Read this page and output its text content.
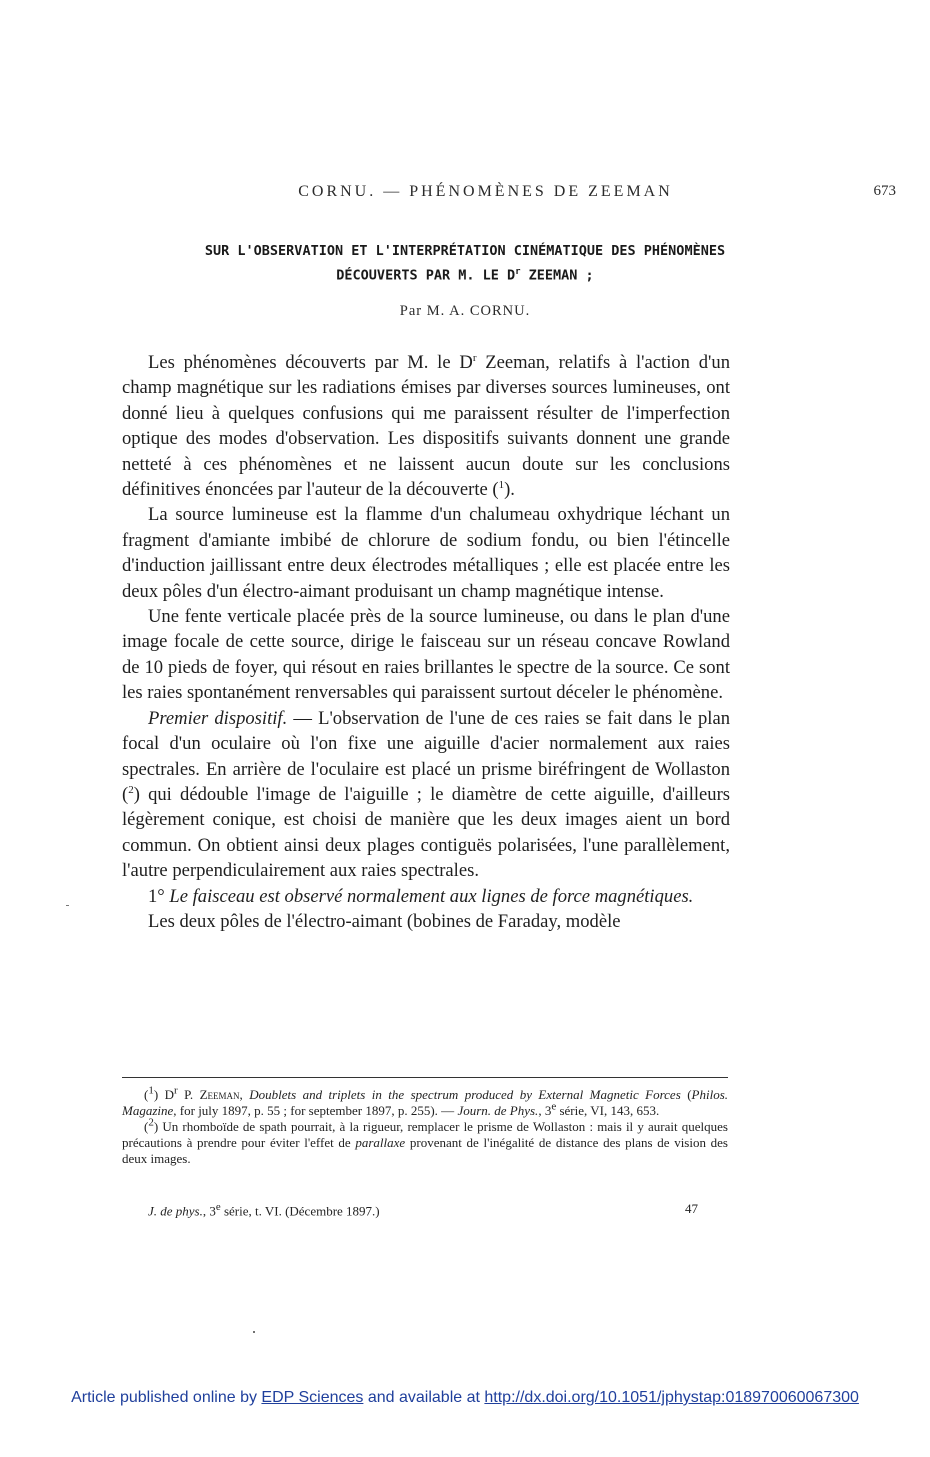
CORNU. — PHÉNOMÈNES DE ZEEMAN	673
SUR L'OBSERVATION ET L'INTERPRÉTATION CINÉMATIQUE DES PHÉNOMÈNES
DÉCOUVERTS PAR M. LE $D^r$ ZEEMAN ;
Par M. A. CORNU.

Les phénomènes découverts par M. le $D^r$ Zeeman, relatifs à l'action d'un champ magnétique sur les radiations émises par diverses sources lumineuses, ont donné lieu à quelques confusions qui me paraissent résulter de l'imperfection optique des modes d'observation. Les dispositifs suivants donnent une grande netteté à ces phénomènes et ne laissent aucun doute sur les conclusions définitives énoncées par l'auteur de la découverte ($^1$).

La source lumineuse est la flamme d'un chalumeau oxhydrique léchant un fragment d'amiante imbibé de chlorure de sodium fondu, ou bien l'étincelle d'induction jaillissant entre deux électrodes métalliques ; elle est placée entre les deux pôles d'un électro-aimant produisant un champ magnétique intense.

Une fente verticale placée près de la source lumineuse, ou dans le plan d'une image focale de cette source, dirige le faisceau sur un réseau concave Rowland de 10 pieds de foyer, qui résout en raies brillantes le spectre de la source. Ce sont les raies spontanément renversables qui paraissent surtout déceler le phénomène.

Premier dispositif. — L'observation de l'une de ces raies se fait dans le plan focal d'un oculaire où l'on fixe une aiguille d'acier normalement aux raies spectrales. En arrière de l'oculaire est placé un prisme biréfringent de Wollaston ($^2$) qui dédouble l'image de l'aiguille ; le diamètre de cette aiguille, d'ailleurs légèrement conique, est choisi de manière que les deux images aient un bord commun. On obtient ainsi deux plages contiguës polarisées, l'une parallèlement, l'autre perpendiculairement aux raies spectrales.

1° Le faisceau est observé normalement aux lignes de force magnétiques.

Les deux pôles de l'électro-aimant (bobines de Faraday, modèle

($^1$) $D^r$ P. Zeeman, Doublets and triplets in the spectrum produced by External Magnetic Forces (Philos. Magazine, for july 1897, p. 55 ; for september 1897, p. 255). — Journ. de Phys., 3e série, VI, 143, 653.

($^2$) Un rhomboïde de spath pourrait, à la rigueur, remplacer le prisme de Wollaston : mais il y aurait quelques précautions à prendre pour éviter l'effet de parallaxe provenant de l'inégalité de distance des plans de vision des deux images.

J. de phys., 3e série, t. VI. (Décembre 1897.)	47
Article published online by EDP Sciences and available at http://dx.doi.org/10.1051/jphystap:018970060067300
